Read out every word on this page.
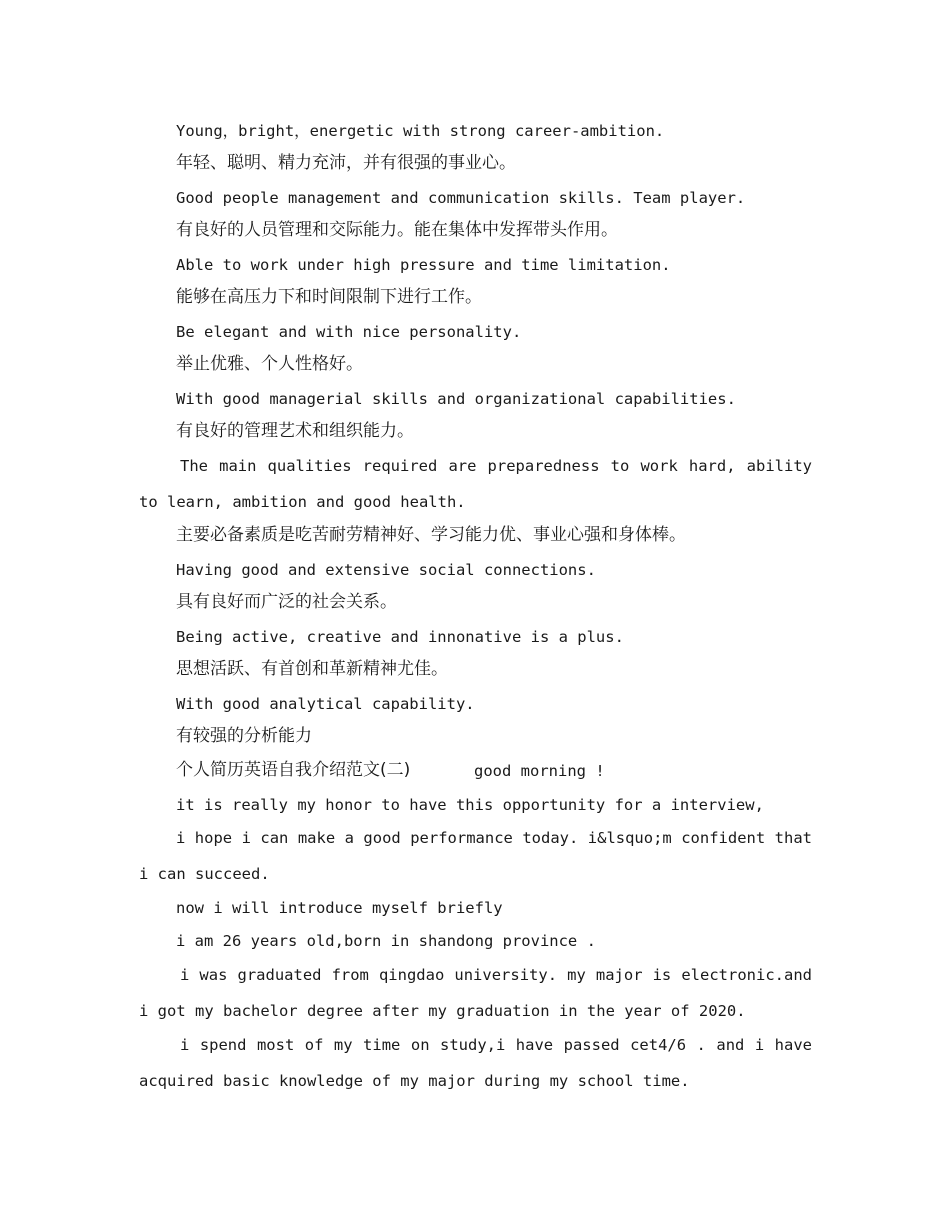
Young，bright，energetic with strong career-ambition.
年轻、聪明、精力充沛，并有很强的事业心。
Good people management and communication skills. Team player.
有良好的人员管理和交际能力。能在集体中发挥带头作用。
Able to work under high pressure and time limitation.
能够在高压力下和时间限制下进行工作。
Be elegant and with nice personality.
举止优雅、个人性格好。
With good managerial skills and organizational capabilities.
有良好的管理艺术和组织能力。
The main qualities required are preparedness to work hard, ability
to learn, ambition and good health.
主要必备素质是吃苦耐劳精神好、学习能力优、事业心强和身体棒。
Having good and extensive social connections.
具有良好而广泛的社会关系。
Being active, creative and innonative is a plus.
思想活跃、有首创和革新精神尤佳。
With good analytical capability.
有较强的分析能力
个人简历英语自我介绍范文(二)	good morning !
it is really my honor to have this opportunity for a interview,
i hope i can make a good performance today. i&lsquo;m confident that
i can succeed.
now i will introduce myself briefly
i am 26 years old,born in shandong province .
i was graduated from qingdao university. my major is electronic.and
i got my bachelor degree after my graduation in the year of 2020.
i spend most of my time on study,i have passed cet4/6 . and i have
acquired basic knowledge of my major during my school time.
